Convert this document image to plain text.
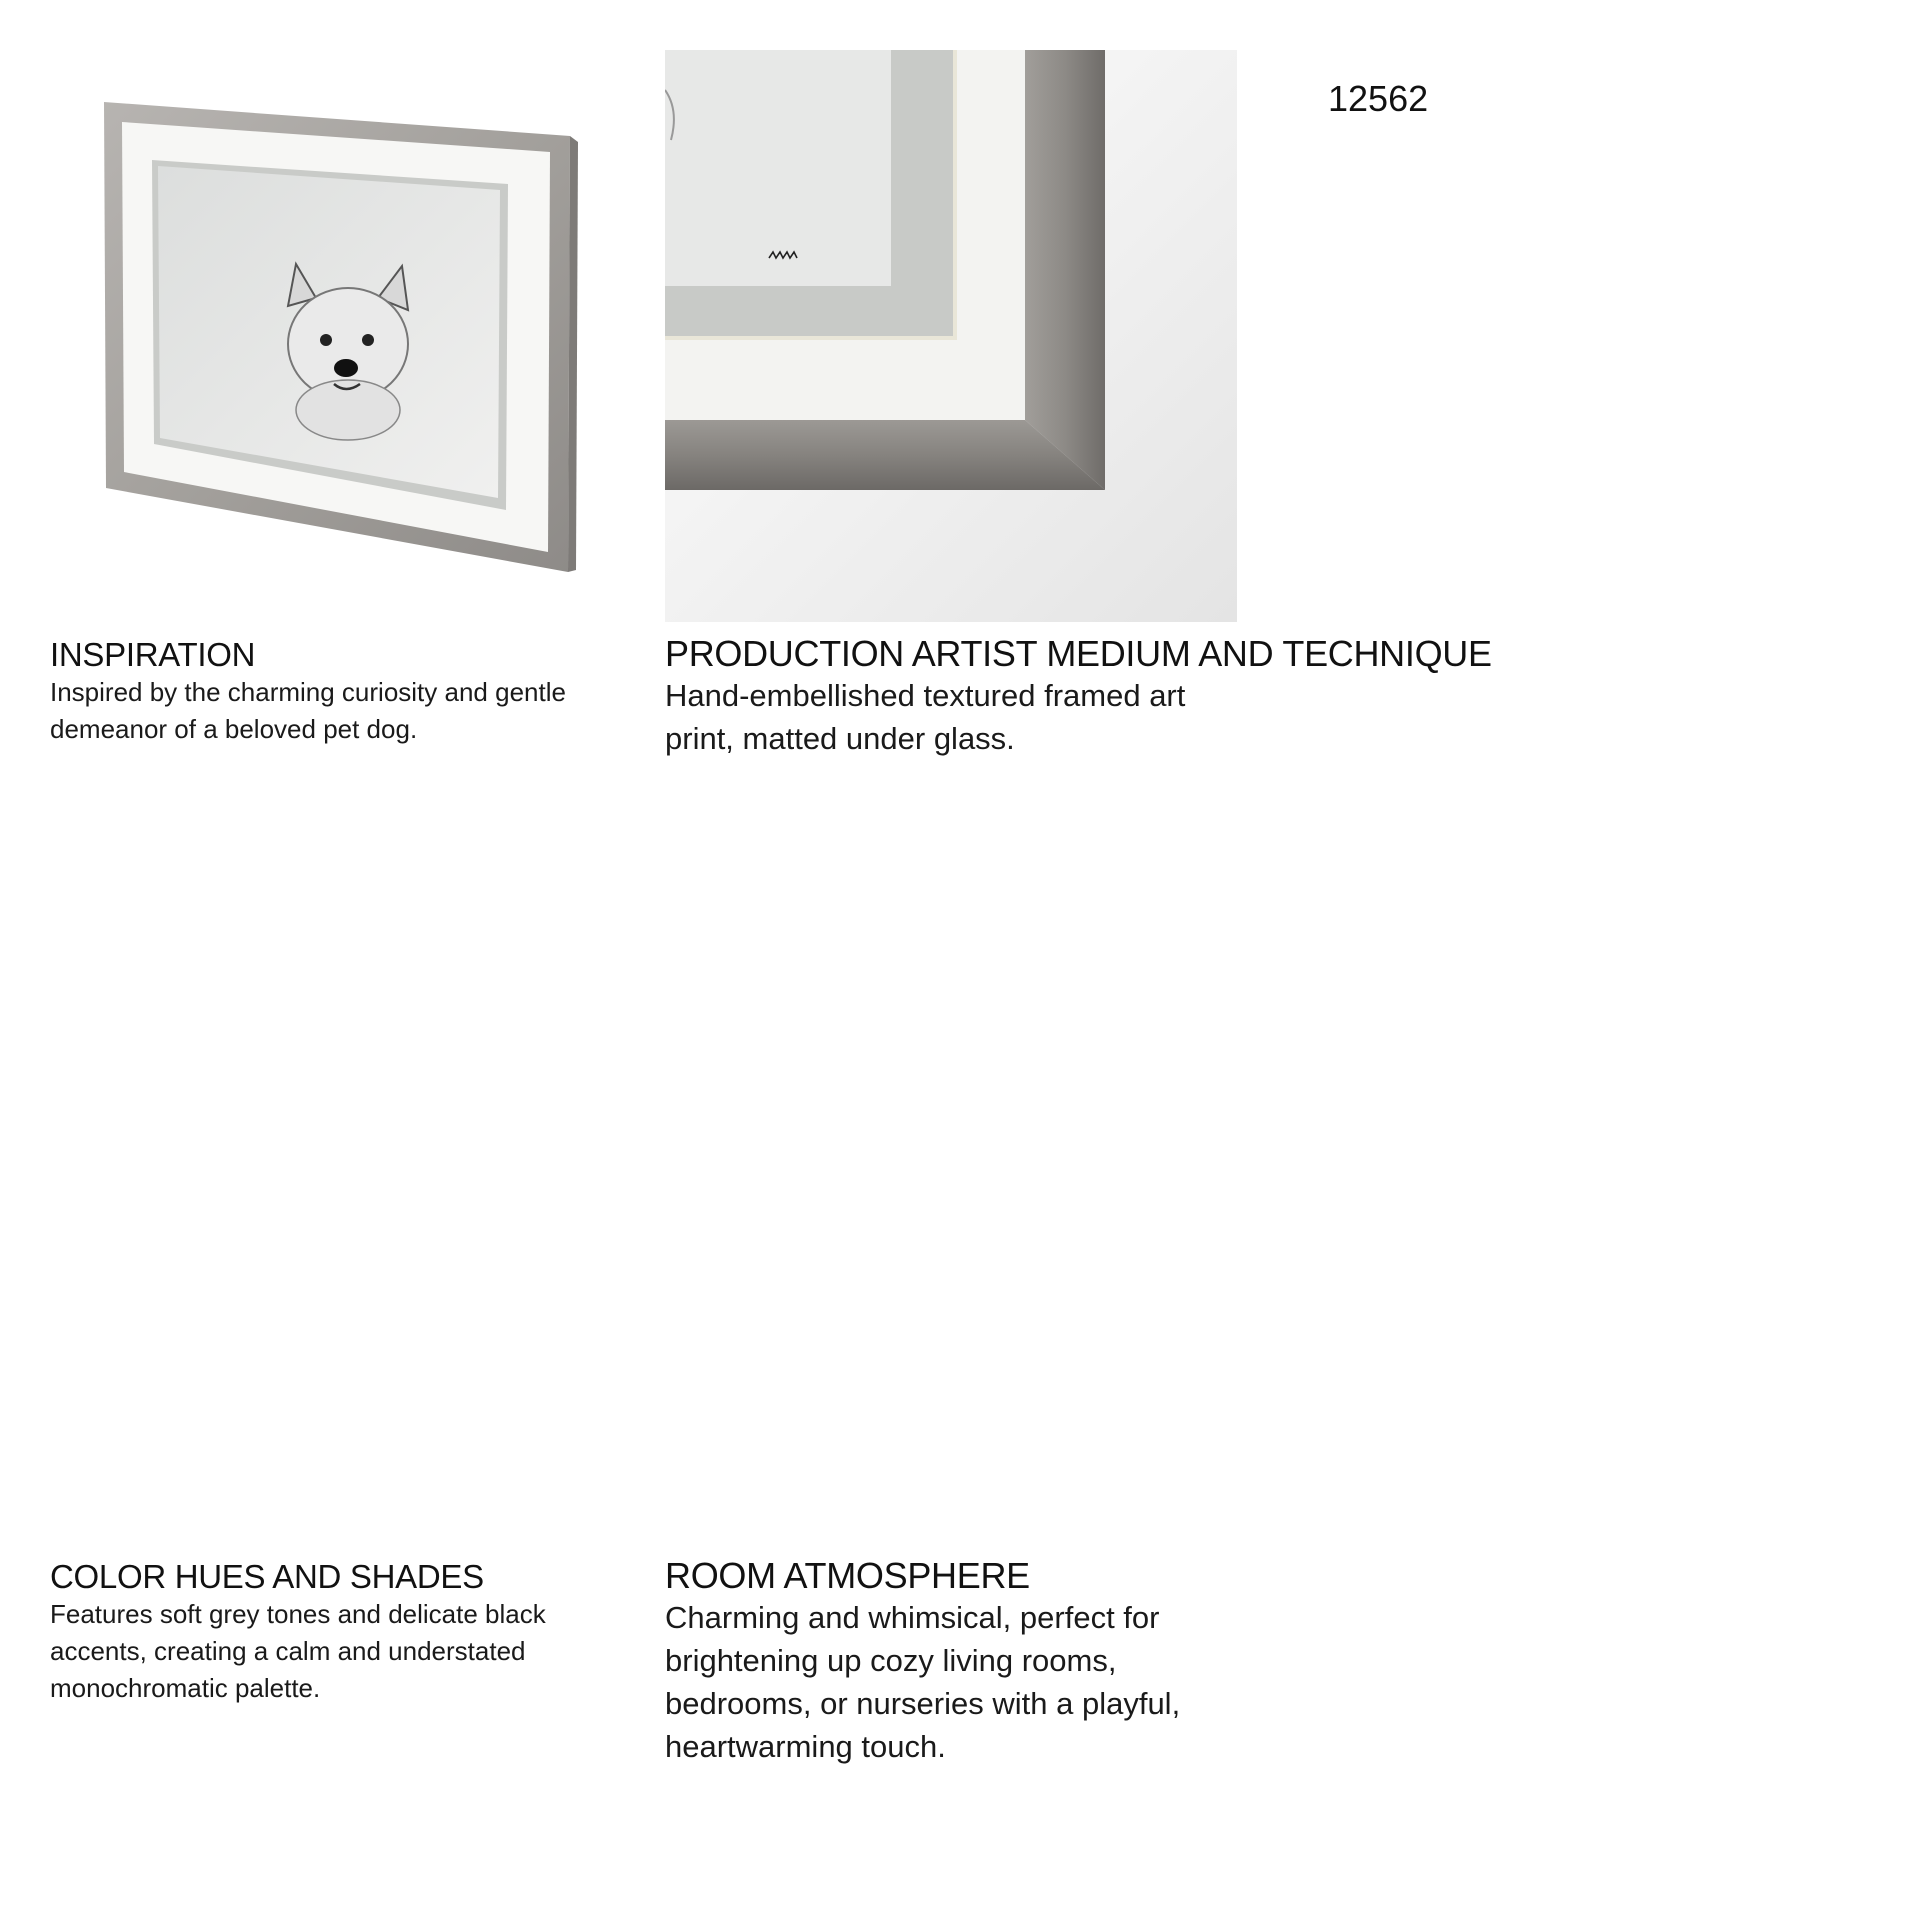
12562
INSPIRATION

Inspired by the charming curiosity and gentle

demeanor of a beloved pet dog.

PRODUCTION ARTIST MEDIUM AND TECHNIQUE

Hand-embellished textured framed art

print, matted under glass.

COLOR HUES AND SHADES

Features soft grey tones and delicate black

accents, creating a calm and understated

monochromatic palette.

ROOM ATMOSPHERE

Charming and whimsical, perfect for

brightening up cozy living rooms,

bedrooms, or nurseries with a playful,

heartwarming touch.
